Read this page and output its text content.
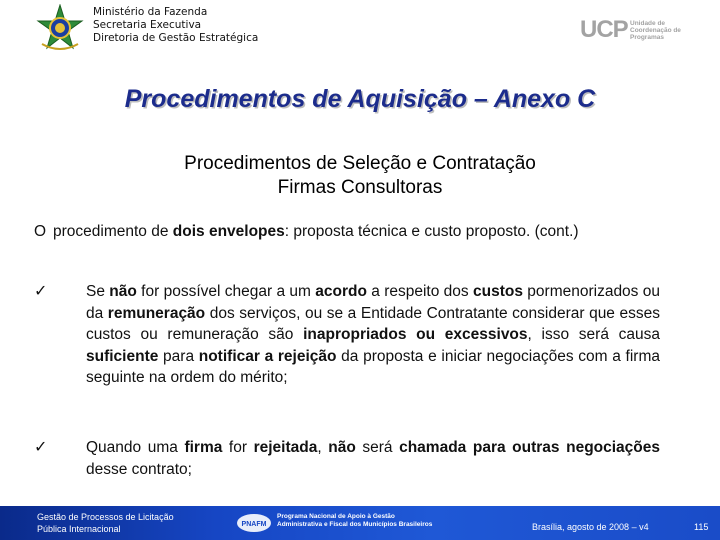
Ministério da Fazenda
Secretaria Executiva
Diretoria de Gestão Estratégica	UCP Unidade de
Coordenação de
Programas
Procedimentos de Aquisição – Anexo C
Procedimentos de Seleção e Contratação
Firmas Consultoras
O procedimento de dois envelopes: proposta técnica e custo proposto. (cont.)
✓	Se não for possível chegar a um acordo a respeito dos custos pormenorizados ou da remuneração dos serviços, ou se a Entidade Contratante considerar que esses custos ou remuneração são inapropriados ou excessivos, isso será causa suficiente para notificar a rejeição da proposta e iniciar negociações com a firma seguinte na ordem do mérito;
✓	Quando uma firma for rejeitada, não será chamada para outras negociações desse contrato;
Gestão de Processos de Licitação
Pública Internacional	PNAFM
Programa Nacional de Apoio à Gestão
Administrativa e Fiscal dos Municípios Brasileiros	Brasília, agosto de 2008 – v4	115
